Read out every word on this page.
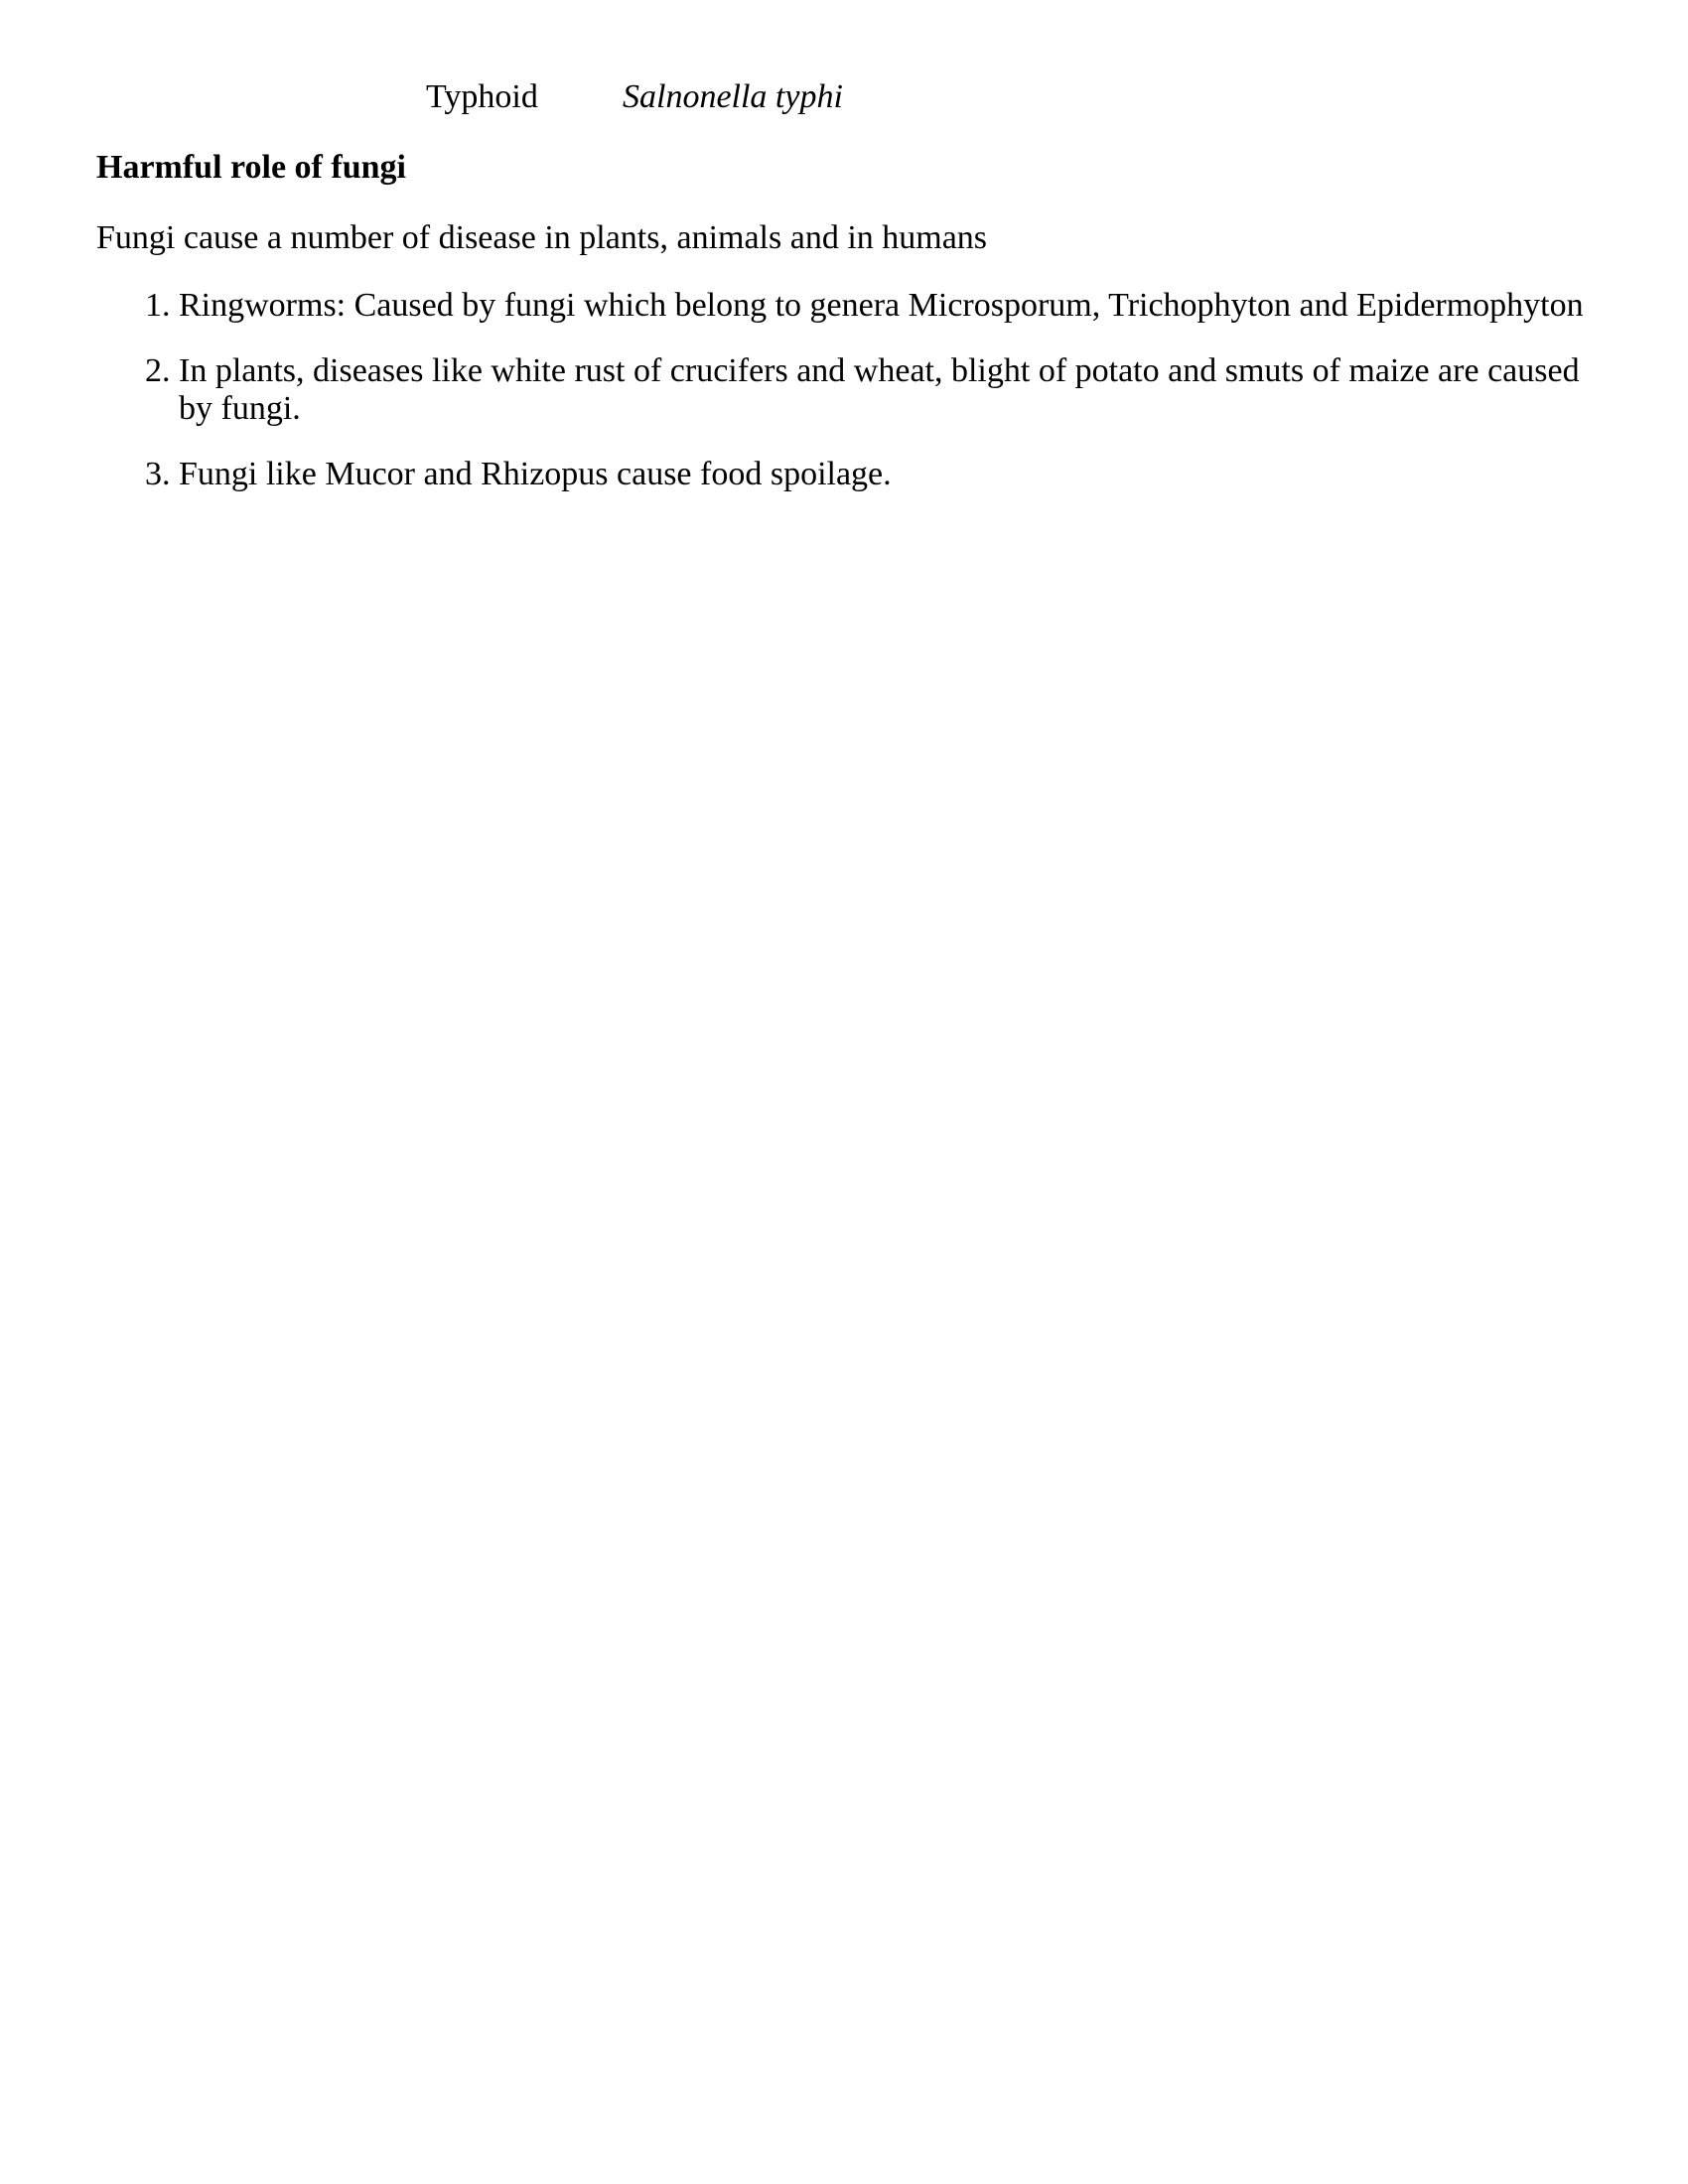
Typhoid	Salnonella typhi
Harmful role of fungi

Fungi cause a number of disease in plants, animals and in humans

1. Ringworms: Caused by fungi which belong to genera Microsporum, Trichophyton and Epidermophyton
2. In plants, diseases like white rust of crucifers and wheat, blight of potato and smuts of maize are caused by fungi.
3. Fungi like Mucor and Rhizopus cause food spoilage.
